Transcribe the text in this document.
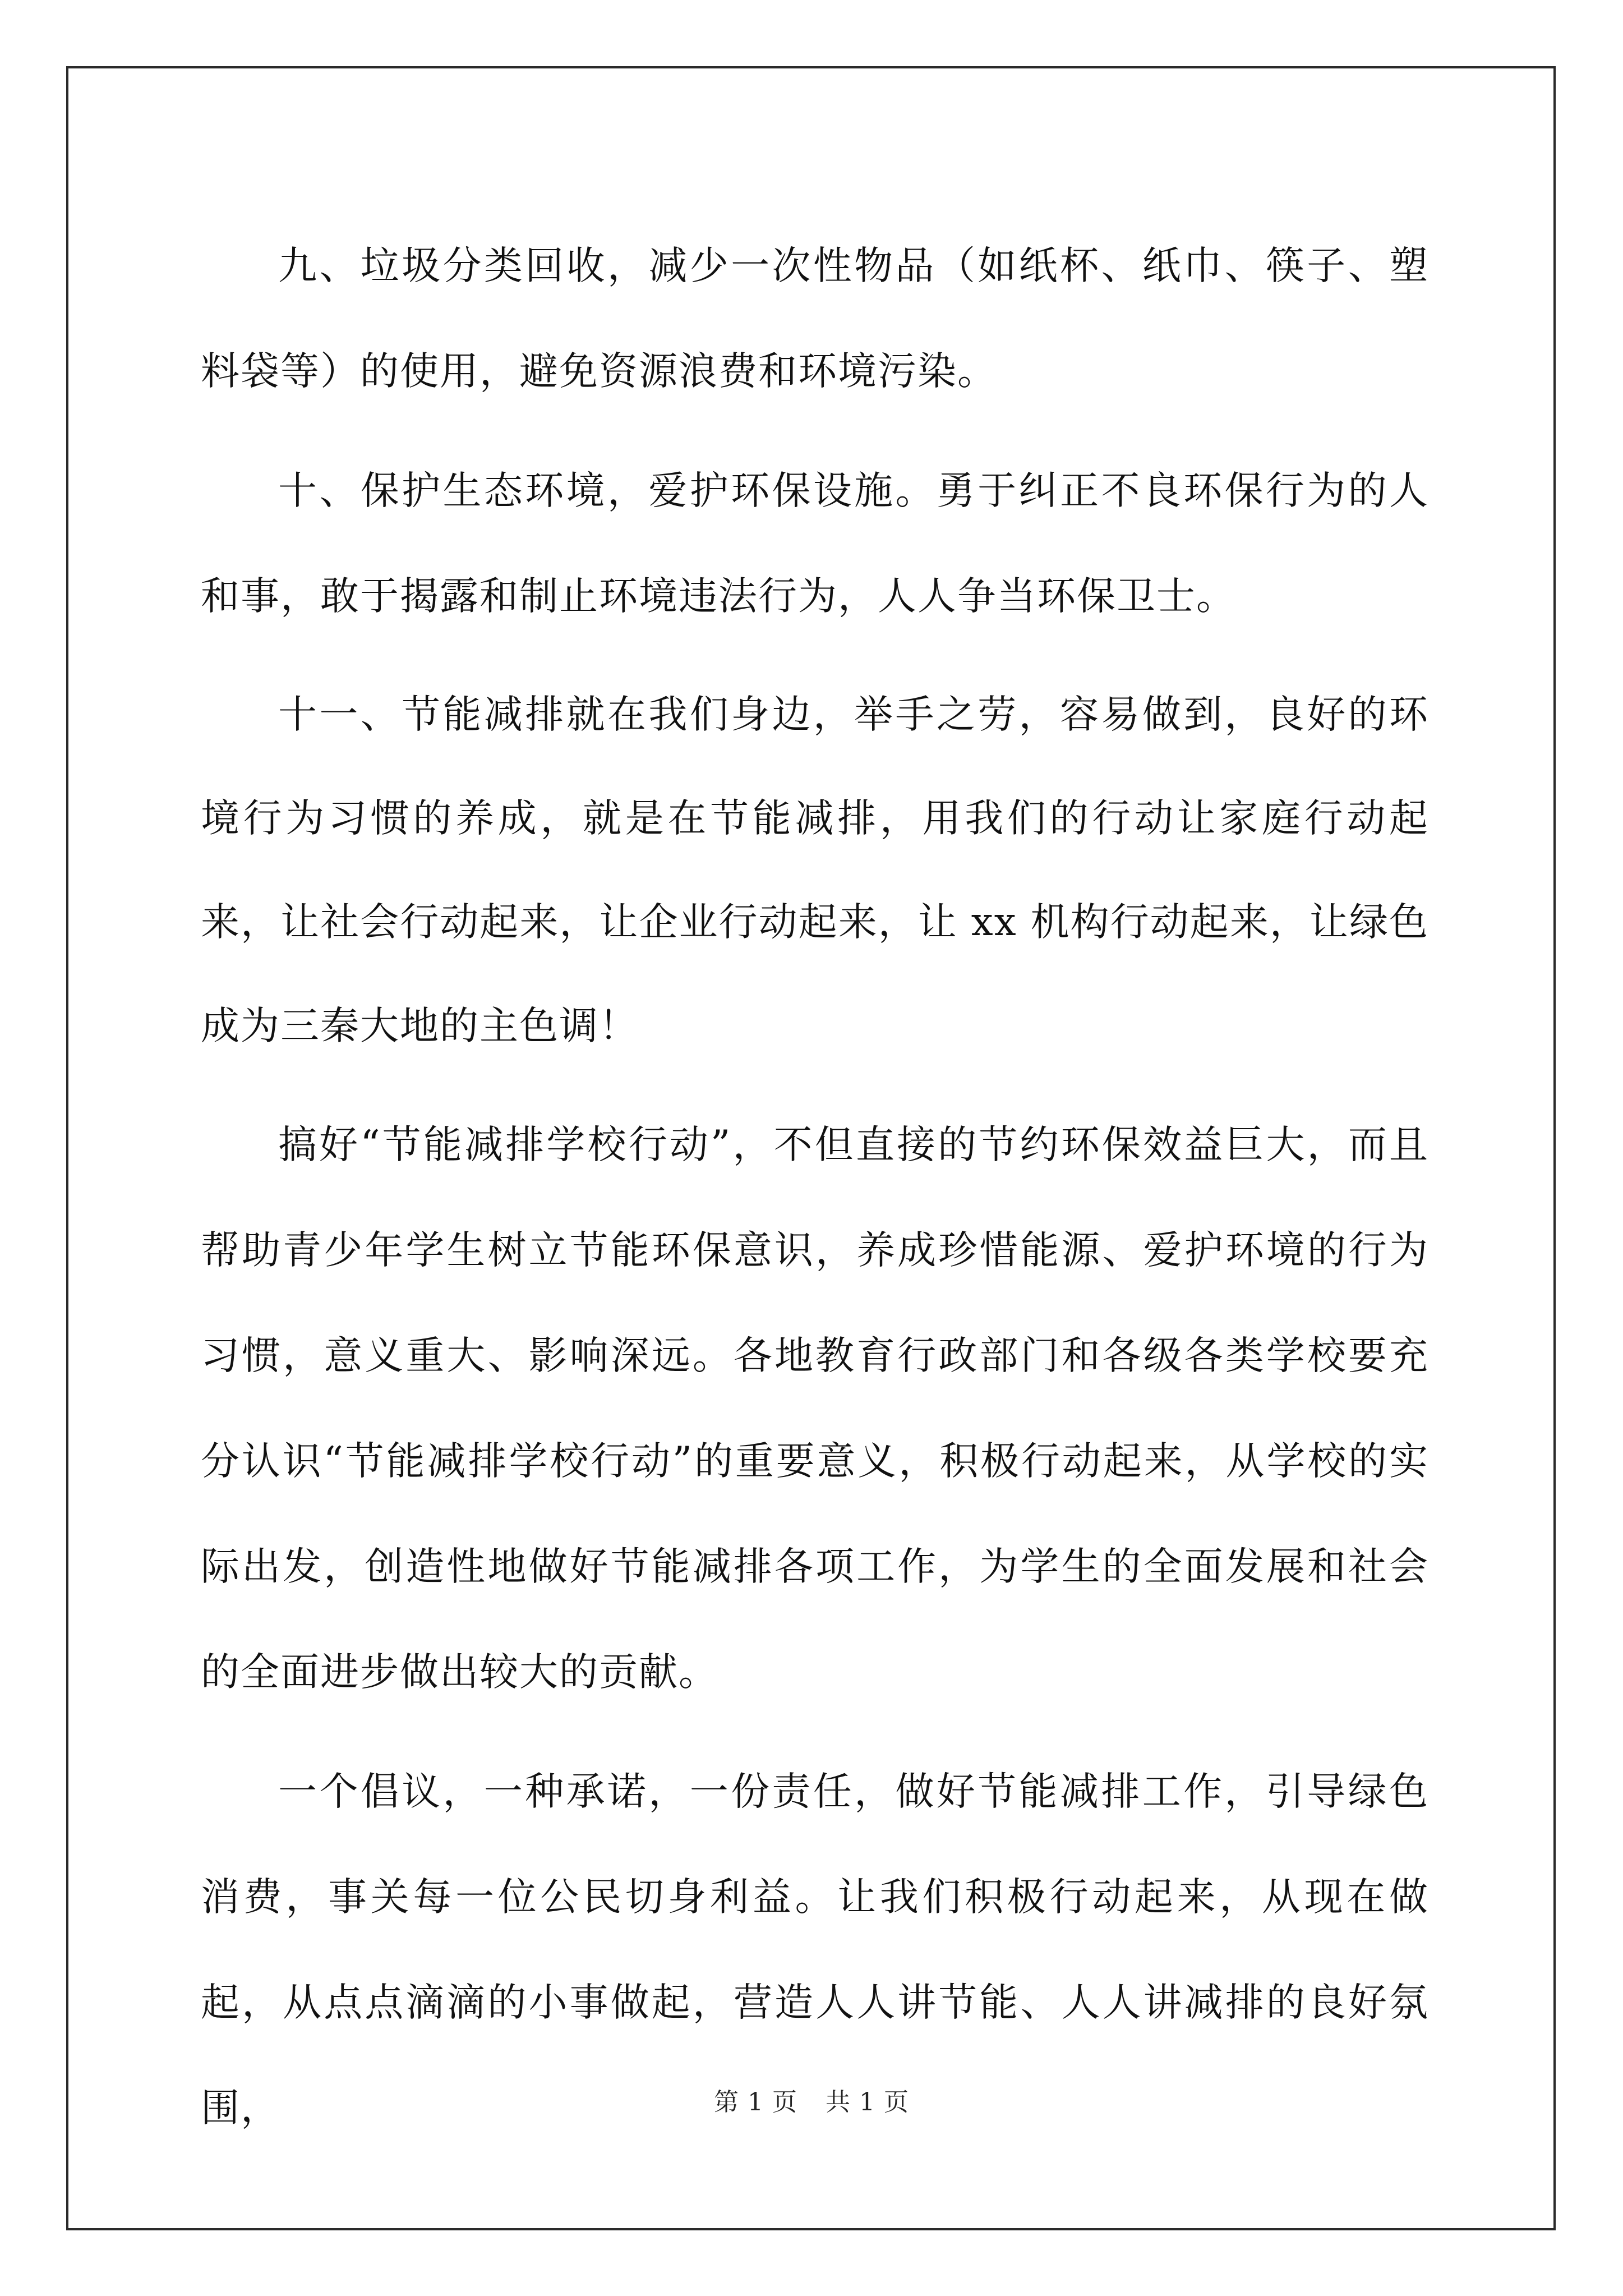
九、垃圾分类回收，减少一次性物品（如纸杯、纸巾、筷子、塑料袋等）的使用，避免资源浪费和环境污染。

十、保护生态环境，爱护环保设施。勇于纠正不良环保行为的人和事，敢于揭露和制止环境违法行为，人人争当环保卫士。

十一、节能减排就在我们身边，举手之劳，容易做到，良好的环境行为习惯的养成，就是在节能减排，用我们的行动让家庭行动起来，让社会行动起来，让企业行动起来，让 xx 机构行动起来，让绿色成为三秦大地的主色调！

搞好“节能减排学校行动”，不但直接的节约环保效益巨大，而且帮助青少年学生树立节能环保意识，养成珍惜能源、爱护环境的行为习惯，意义重大、影响深远。各地教育行政部门和各级各类学校要充分认识“节能减排学校行动”的重要意义，积极行动起来，从学校的实际出发，创造性地做好节能减排各项工作，为学生的全面发展和社会的全面进步做出较大的贡献。

一个倡议，一种承诺，一份责任，做好节能减排工作，引导绿色消费，事关每一位公民切身利益。让我们积极行动起来，从现在做起，从点点滴滴的小事做起，营造人人讲节能、人人讲减排的良好氛围，	第 1 页 共 1 页
